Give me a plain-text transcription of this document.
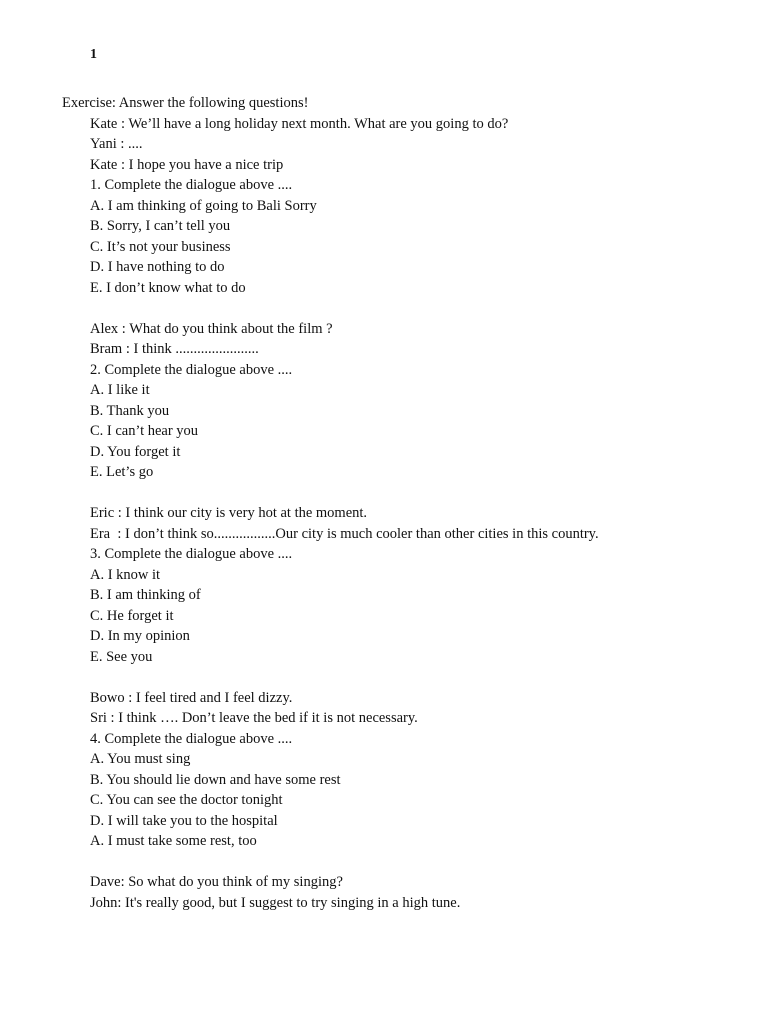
1
Exercise: Answer the following questions!
Kate : We’ll have a long holiday next month. What are you going to do?
Yani : ....
Kate : I hope you have a nice trip
1. Complete the dialogue above ....
A. I am thinking of going to Bali Sorry
B. Sorry, I can’t tell you
C. It’s not your business
D. I have nothing to do
E. I don’t know what to do
Alex : What do you think about the film ?
Bram : I think .......................
2. Complete the dialogue above ....
A. I like it
B. Thank you
C. I can’t hear you
D. You forget it
E. Let’s go
Eric : I think our city is very hot at the moment.
Era  : I don’t think so.................Our city is much cooler than other cities in this country.
3. Complete the dialogue above ....
A. I know it
B. I am thinking of
C. He forget it
D. In my opinion
E. See you
Bowo : I feel tired and I feel dizzy.
Sri : I think …. Don’t leave the bed if it is not necessary.
4. Complete the dialogue above ....
A. You must sing
B. You should lie down and have some rest
C. You can see the doctor tonight
D. I will take you to the hospital
A. I must take some rest, too
Dave: So what do you think of my singing?
John: It's really good, but I suggest to try singing in a high tune.
